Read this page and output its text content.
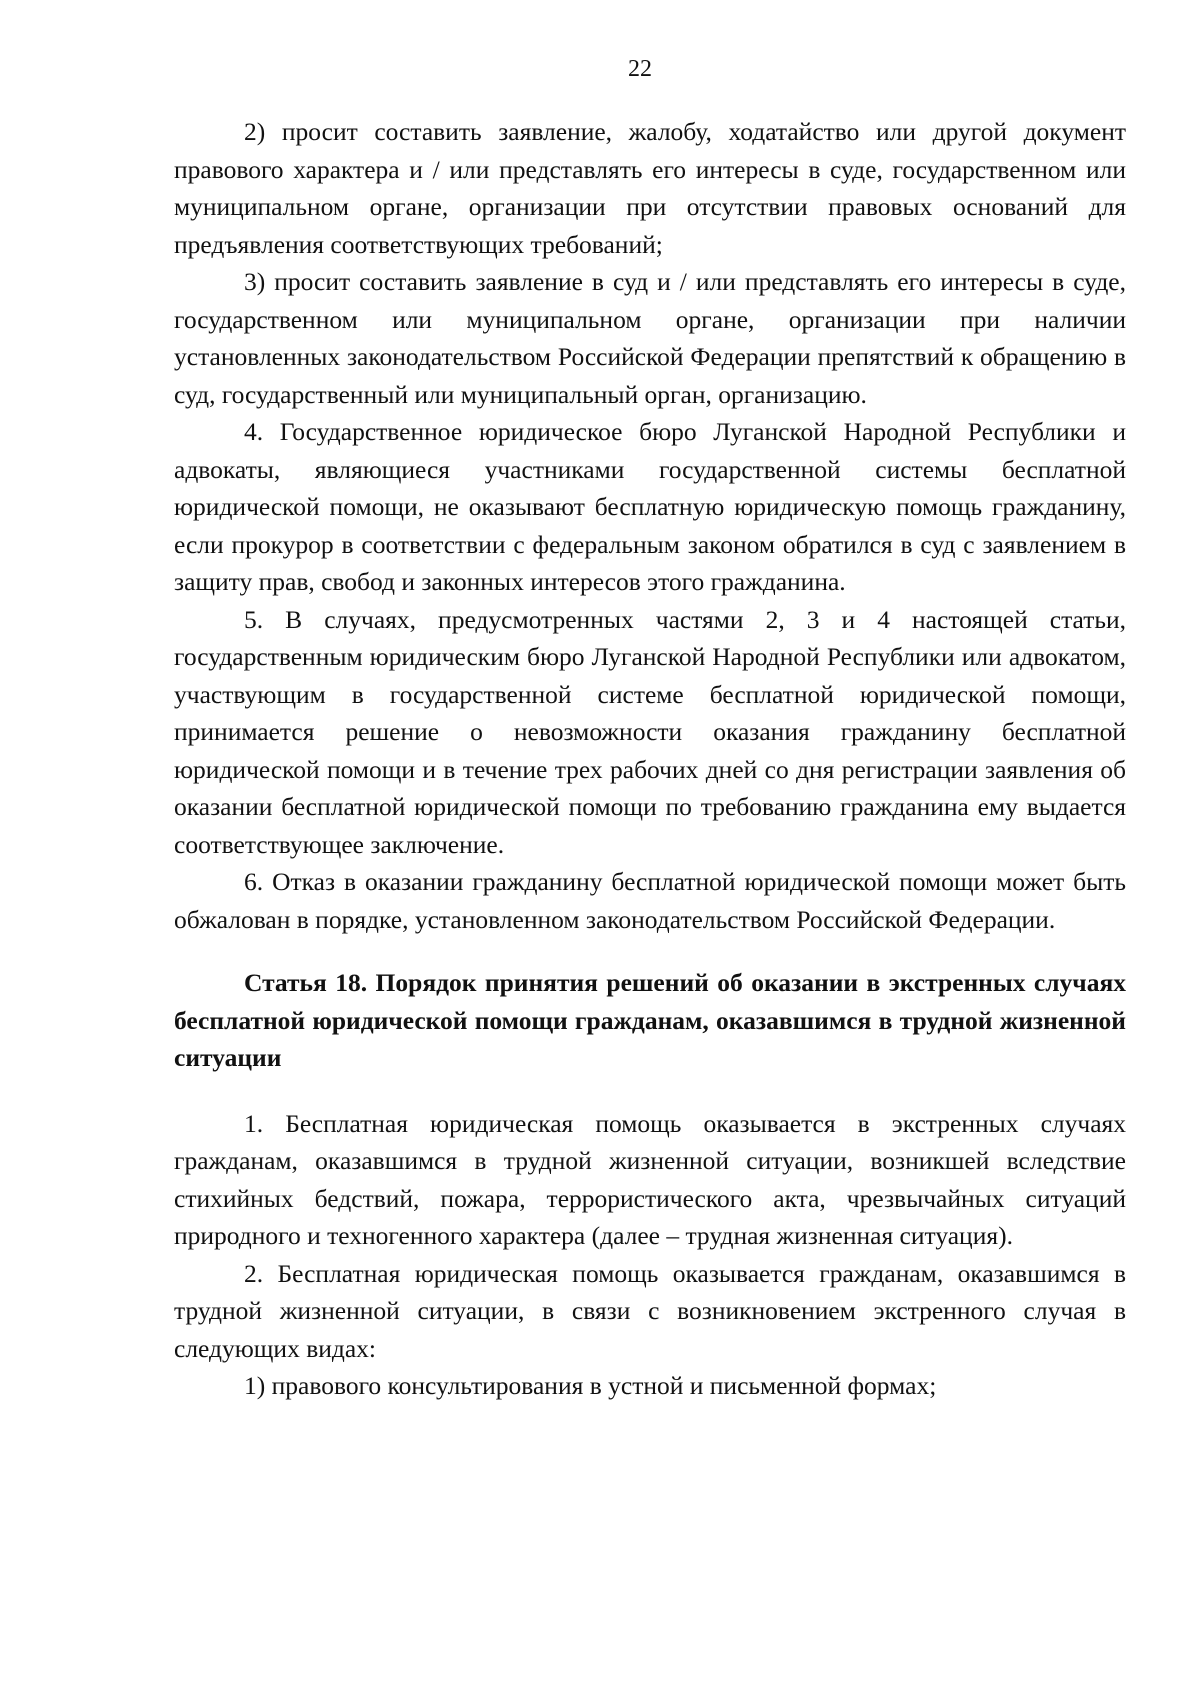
22

2) просит составить заявление, жалобу, ходатайство или другой документ правового характера и / или представлять его интересы в суде, государственном или муниципальном органе, организации при отсутствии правовых оснований для предъявления соответствующих требований;

3) просит составить заявление в суд и / или представлять его интересы в суде, государственном или муниципальном органе, организации при наличии установленных законодательством Российской Федерации препятствий к обращению в суд, государственный или муниципальный орган, организацию.

4. Государственное юридическое бюро Луганской Народной Республики и адвокаты, являющиеся участниками государственной системы бесплатной юридической помощи, не оказывают бесплатную юридическую помощь гражданину, если прокурор в соответствии с федеральным законом обратился в суд с заявлением в защиту прав, свобод и законных интересов этого гражданина.

5. В случаях, предусмотренных частями 2, 3 и 4 настоящей статьи, государственным юридическим бюро Луганской Народной Республики или адвокатом, участвующим в государственной системе бесплатной юридической помощи, принимается решение о невозможности оказания гражданину бесплатной юридической помощи и в течение трех рабочих дней со дня регистрации заявления об оказании бесплатной юридической помощи по требованию гражданина ему выдается соответствующее заключение.

6. Отказ в оказании гражданину бесплатной юридической помощи может быть обжалован в порядке, установленном законодательством Российской Федерации.

Статья 18. Порядок принятия решений об оказании в экстренных случаях бесплатной юридической помощи гражданам, оказавшимся в трудной жизненной ситуации

1. Бесплатная юридическая помощь оказывается в экстренных случаях гражданам, оказавшимся в трудной жизненной ситуации, возникшей вследствие стихийных бедствий, пожара, террористического акта, чрезвычайных ситуаций природного и техногенного характера (далее – трудная жизненная ситуация).

2. Бесплатная юридическая помощь оказывается гражданам, оказавшимся в трудной жизненной ситуации, в связи с возникновением экстренного случая в следующих видах:

1) правового консультирования в устной и письменной формах;
